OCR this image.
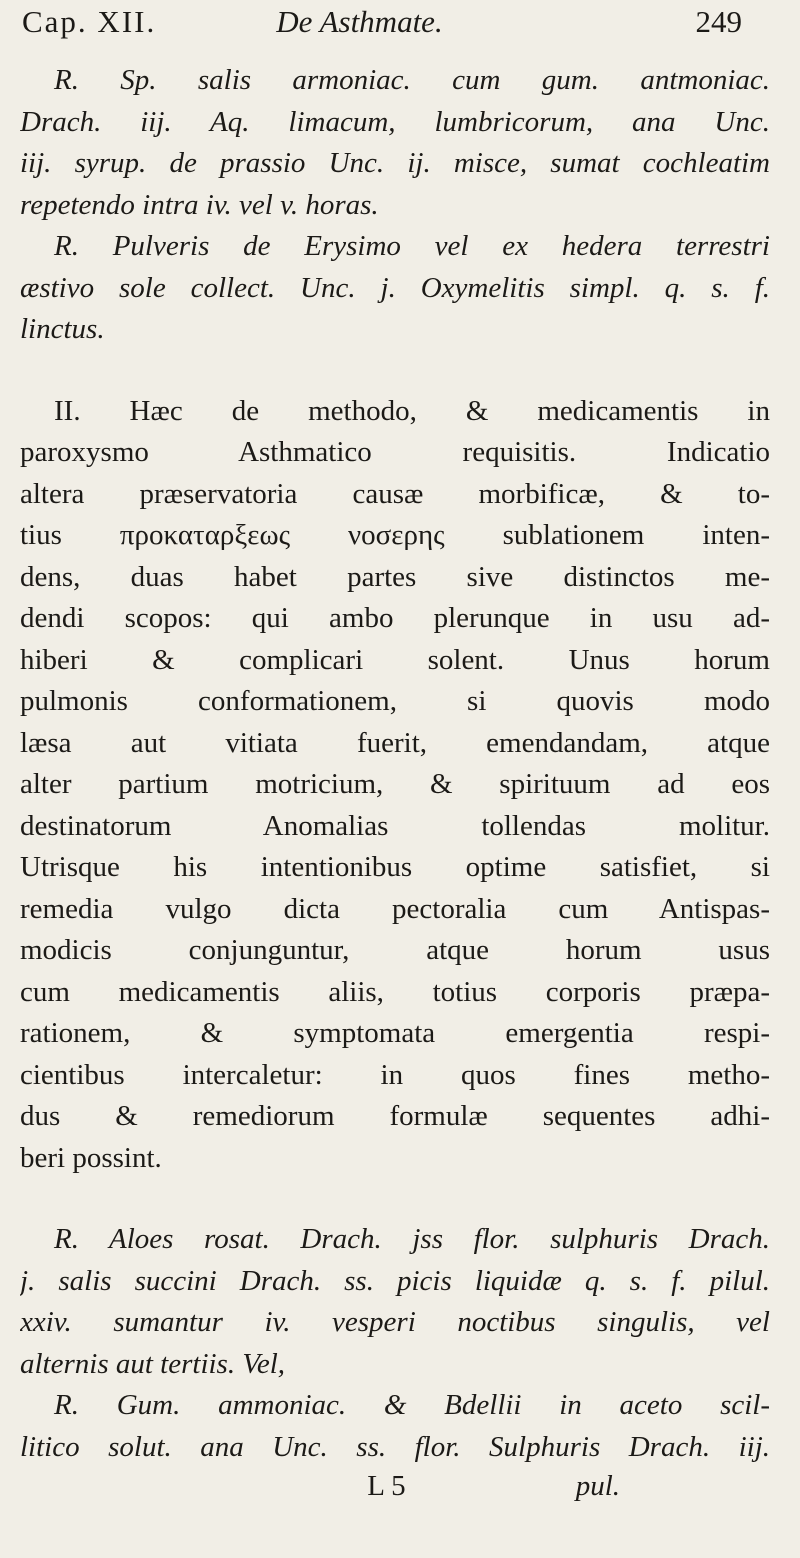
Cap. XII.	De Asthmate.	249
R. Sp. salis armoniac. cum gum. antmoniac.
Drach. iij. Aq. limacum, lumbricorum, ana Unc.
iij. syrup. de prassio Unc. ij. misce, sumat cochleatim
repetendo intra iv. vel v. horas.
R. Pulveris de Erysimo vel ex hedera terrestri
æstivo sole collect. Unc. j. Oxymelitis simpl. q. s. f.
linctus.
II. Hæc de methodo, & medicamentis in
paroxysmo Asthmatico requisitis. Indicatio
altera præservatoria causæ morbificæ, & to-
tius προκαταρξεως νοσερης sublationem inten-
dens, duas habet partes sive distinctos me-
dendi scopos: qui ambo plerunque in usu ad-
hiberi & complicari solent. Unus horum
pulmonis conformationem, si quovis modo
læsa aut vitiata fuerit, emendandam, atque
alter partium motricium, & spirituum ad eos
destinatorum Anomalias tollendas molitur.
Utrisque his intentionibus optime satisfiet, si
remedia vulgo dicta pectoralia cum Antispas-
modicis conjunguntur, atque horum usus
cum medicamentis aliis, totius corporis præpa-
rationem, & symptomata emergentia respi-
cientibus intercaletur: in quos fines metho-
dus & remediorum formulæ sequentes adhi-
beri possint.
R. Aloes rosat. Drach. jss flor. sulphuris Drach.
j. salis succini Drach. ss. picis liquidæ q. s. f. pilul.
xxiv. sumantur iv. vesperi noctibus singulis, vel
alternis aut tertiis. Vel,
R. Gum. ammoniac. & Bdellii in aceto scil-
litico solut. ana Unc. ss. flor. Sulphuris Drach. iij.
L 5	pul.
